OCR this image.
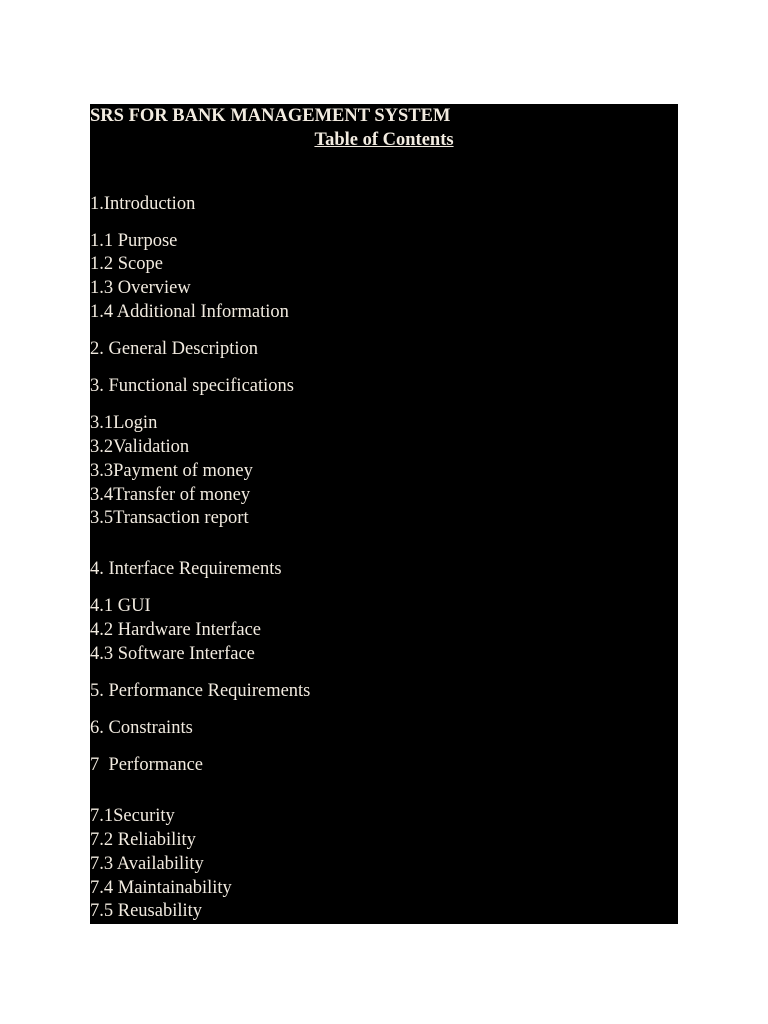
SRS FOR BANK MANAGEMENT SYSTEM
Table of Contents
1.Introduction
1.1 Purpose
1.2 Scope
1.3 Overview
1.4 Additional Information
2. General Description
3. Functional specifications
3.1Login
3.2Validation
3.3Payment of money
3.4Transfer of money
3.5Transaction report
4. Interface Requirements
4.1 GUI
4.2 Hardware Interface
4.3 Software Interface
5. Performance Requirements
6. Constraints
7  Performance
7.1Security
7.2 Reliability
7.3 Availability
7.4 Maintainability
7.5 Reusability
